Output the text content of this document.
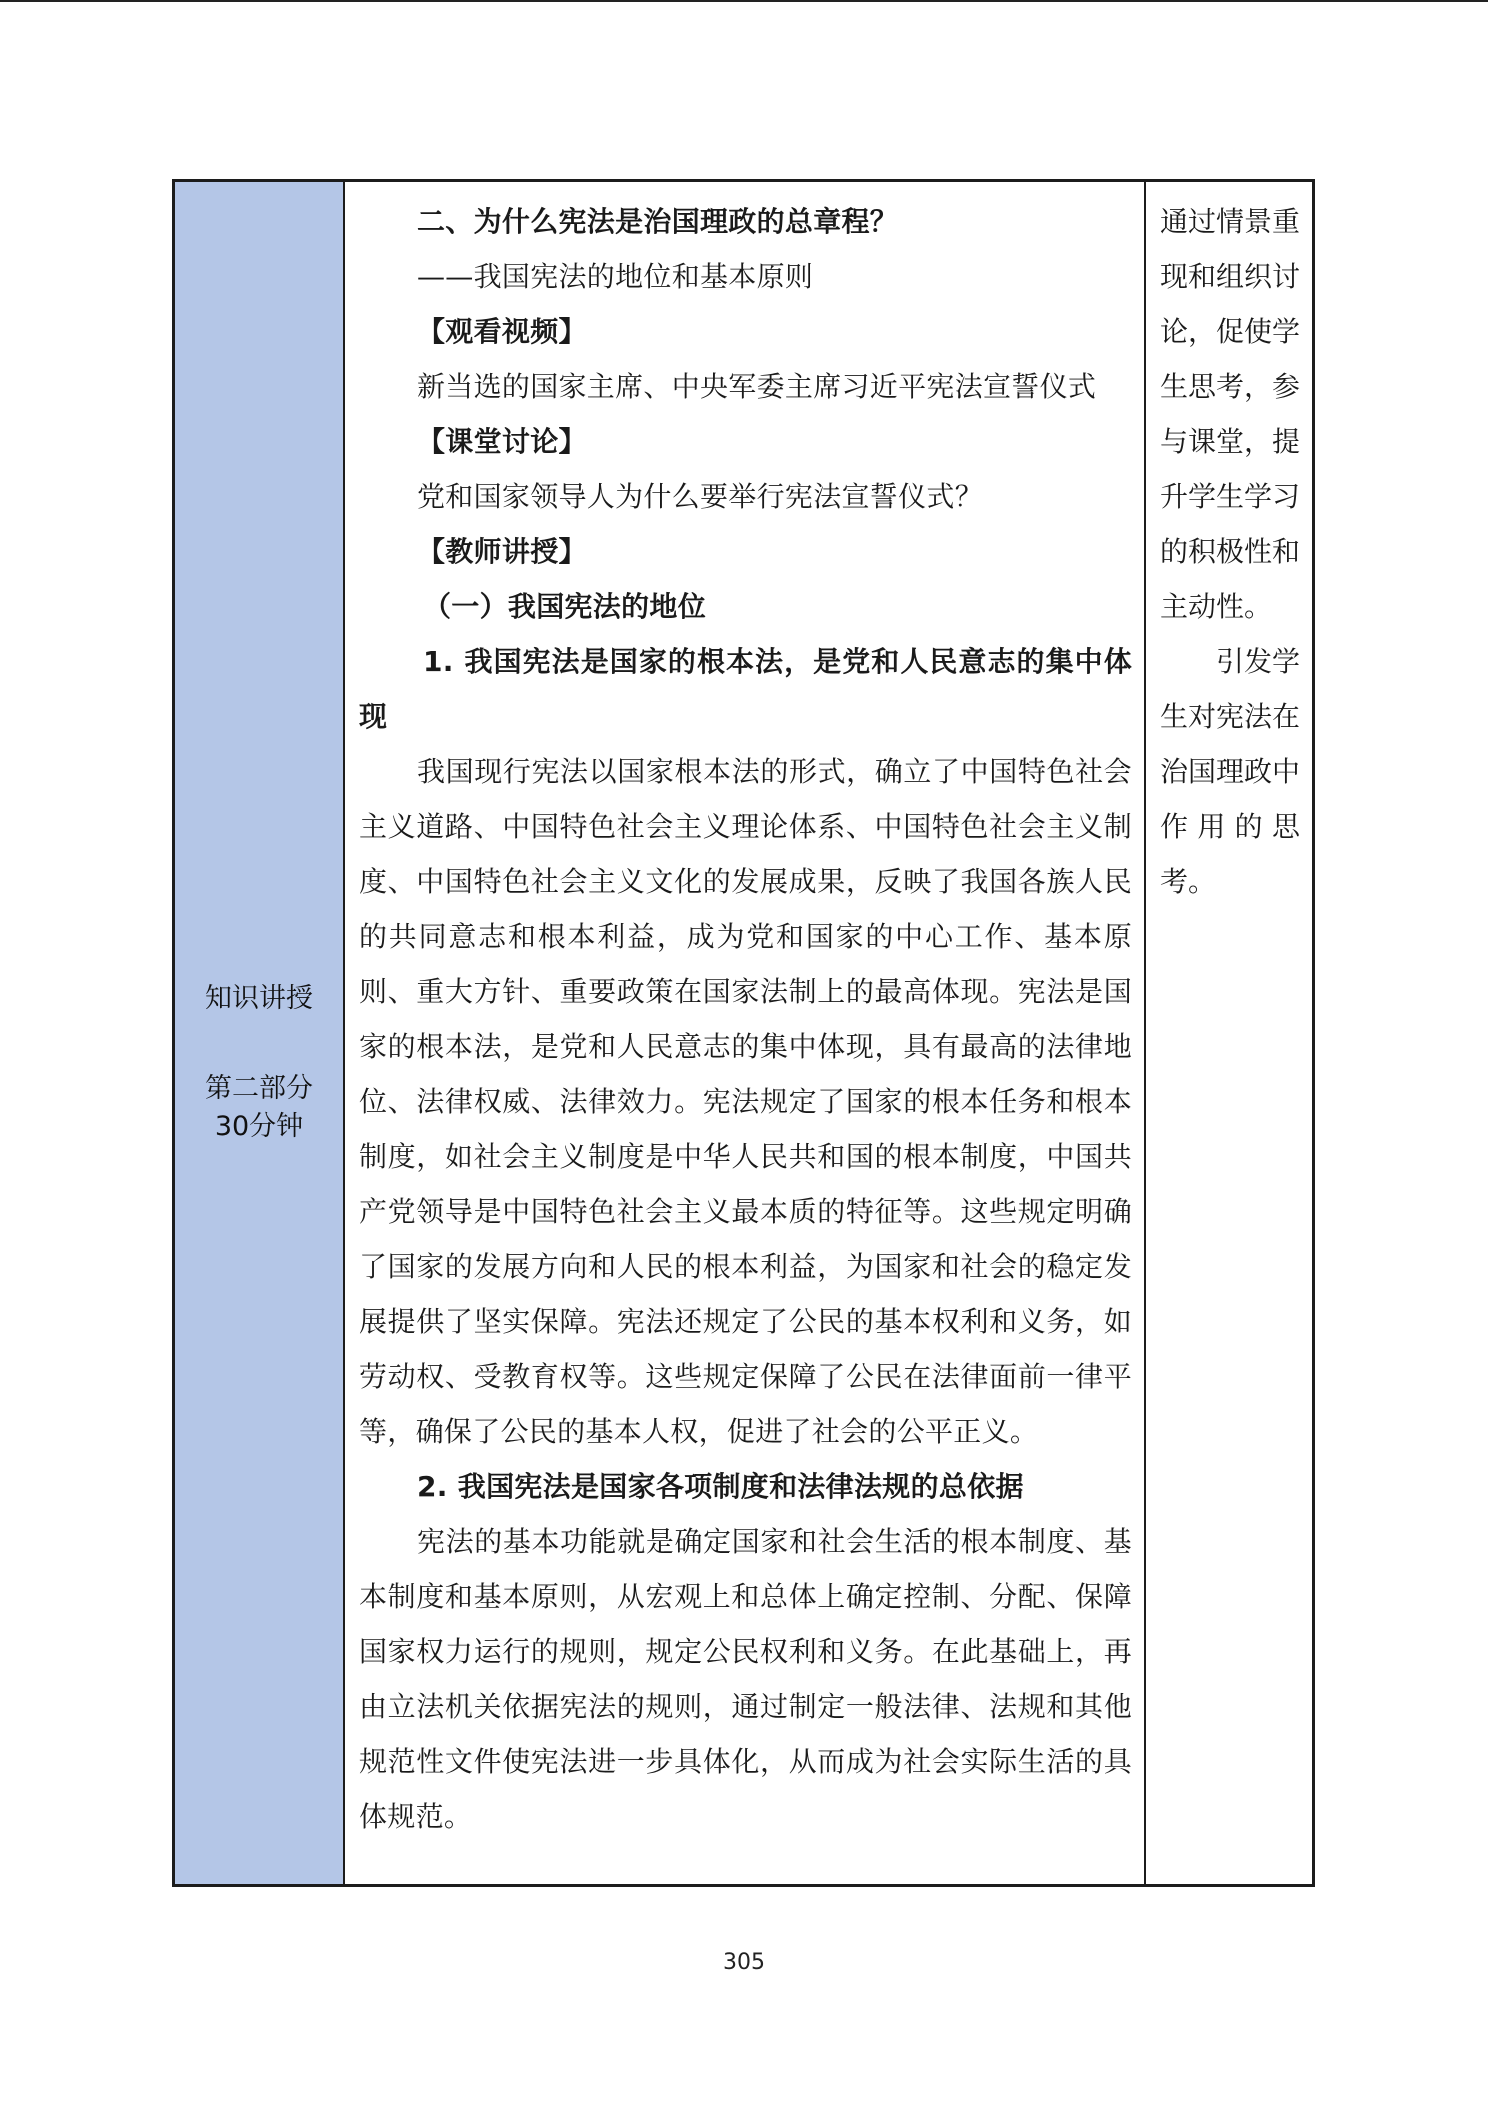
知识讲授
第二部分
30分钟

二、为什么宪法是治国理政的总章程？

——我国宪法的地位和基本原则

【观看视频】

新当选的国家主席、中央军委主席习近平宪法宣誓仪式

【课堂讨论】

党和国家领导人为什么要举行宪法宣誓仪式？

【教师讲授】

（一）我国宪法的地位

1. 我国宪法是国家的根本法，是党和人民意志的集中体现

我国现行宪法以国家根本法的形式，确立了中国特色社会主义道路、中国特色社会主义理论体系、中国特色社会主义制度、中国特色社会主义文化的发展成果，反映了我国各族人民的共同意志和根本利益，成为党和国家的中心工作、基本原则、重大方针、重要政策在国家法制上的最高体现。宪法是国家的根本法，是党和人民意志的集中体现，具有最高的法律地位、法律权威、法律效力。宪法规定了国家的根本任务和根本制度，如社会主义制度是中华人民共和国的根本制度，中国共产党领导是中国特色社会主义最本质的特征等。这些规定明确了国家的发展方向和人民的根本利益，为国家和社会的稳定发展提供了坚实保障。宪法还规定了公民的基本权利和义务，如劳动权、受教育权等。这些规定保障了公民在法律面前一律平等，确保了公民的基本人权，促进了社会的公平正义。

2. 我国宪法是国家各项制度和法律法规的总依据

宪法的基本功能就是确定国家和社会生活的根本制度、基本制度和基本原则，从宏观上和总体上确定控制、分配、保障国家权力运行的规则，规定公民权利和义务。在此基础上，再由立法机关依据宪法的规则，通过制定一般法律、法规和其他规范性文件使宪法进一步具体化，从而成为社会实际生活的具体规范。

通过情景重现和组织讨论，促使学生思考，参与课堂，提升学生学习的积极性和主动性。

引发学生对宪法在治国理政中作用的思考。

305
